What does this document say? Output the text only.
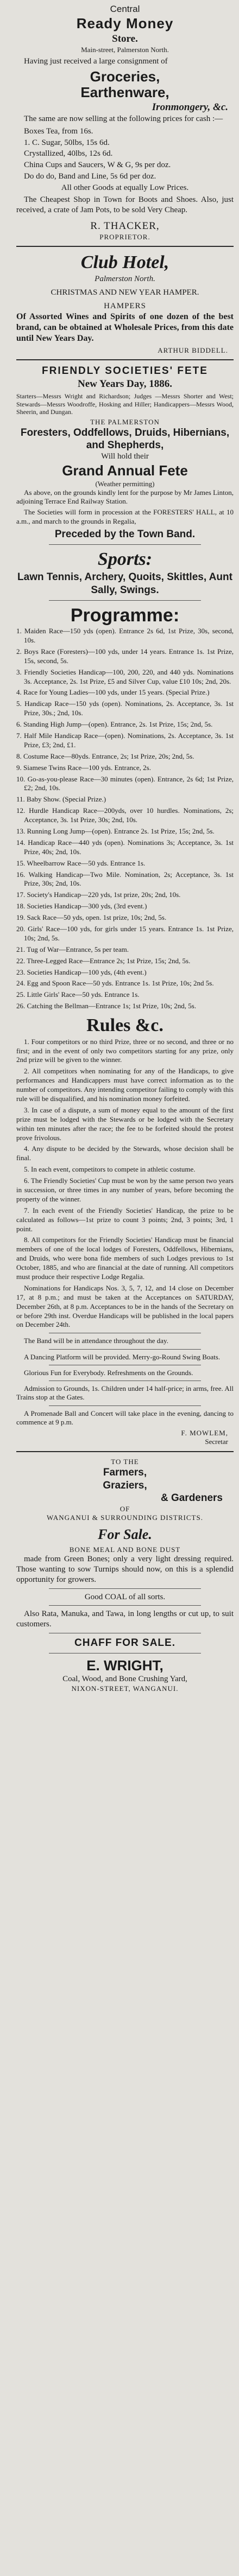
Central
Ready Money
Store.
Main-street, Palmerston North.

Having just received a large consignment of

Groceries,
Earthenware,
Ironmongery, &c.

The same are now selling at the following prices for cash :—

Boxes Tea, from 16s.

1. C. Sugar, 50lbs, 15s 6d.

Crystallized, 40lbs, 12s 6d.

China Cups and Saucers, W & G, 9s per doz.

Do do do, Band and Line, 5s 6d per doz.

All other Goods at equally Low Prices.

The Cheapest Shop in Town for Boots and Shoes. Also, just received, a crate of Jam Pots, to be sold Very Cheap.

R. THACKER,
PROPRIETOR.
Club Hotel,
Palmerston North.
CHRISTMAS AND NEW YEAR HAMPER.
HAMPERS

Of Assorted Wines and Spirits of one dozen of the best brand, can be obtained at Wholesale Prices, from this date until New Years Day.

ARTHUR BIDDELL.
FRIENDLY SOCIETIES' FETE
New Years Day, 1886.

Starters—Messrs Wright and Richardson; Judges —Messrs Shorter and West; Stewards—Messrs Woodroffe, Hosking and Hiller; Handicappers—Messrs Wood, Sheerin, and Dungan.

THE PALMERSTON
Foresters, Oddfellows, Druids, Hibernians, and Shepherds,
Will hold their
Grand Annual Fete
(Weather permitting)

As above, on the grounds kindly lent for the purpose by Mr James Linton, adjoining Terrace End Railway Station.

The Societies will form in procession at the FORESTERS' HALL, at 10 a.m., and march to the grounds in Regalia,

Preceded by the Town Band.
Sports:
Lawn Tennis, Archery, Quoits, Skittles, Aunt Sally, Swings.
Programme:

1. Maiden Race—150 yds (open). Entrance 2s 6d, 1st Prize, 30s, second, 10s.

2. Boys Race (Foresters)—100 yds, under 14 years. Entrance 1s. 1st Prize, 15s, second, 5s.

3. Friendly Societies Handicap—100, 200, 220, and 440 yds. Nominations 3s. Acceptance, 2s. 1st Prize, £5 and Silver Cup, value £10 10s; 2nd, 20s.

4. Race for Young Ladies—100 yds, under 15 years. (Special Prize.)

5. Handicap Race—150 yds (open). Nominations, 2s. Acceptance, 3s. 1st Prize, 30s.; 2nd, 10s.

6. Standing High Jump—(open). Entrance, 2s. 1st Prize, 15s; 2nd, 5s.

7. Half Mile Handicap Race—(open). Nominations, 2s. Acceptance, 3s. 1st Prize, £3; 2nd, £1.

8. Costume Race—80yds. Entrance, 2s; 1st Prize, 20s; 2nd, 5s.

9. Siamese Twins Race—100 yds. Entrance, 2s.

10. Go-as-you-please Race—30 minutes (open). Entrance, 2s 6d; 1st Prize, £2; 2nd, 10s.

11. Baby Show. (Special Prize.)

12. Hurdle Handicap Race—200yds, over 10 hurdles. Nominations, 2s; Acceptance, 3s. 1st Prize, 30s; 2nd, 10s.

13. Running Long Jump—(open). Entrance 2s. 1st Prize, 15s; 2nd, 5s.

14. Handicap Race—440 yds (open). Nominations 3s; Acceptance, 3s. 1st Prize, 40s; 2nd, 10s.

15. Wheelbarrow Race—50 yds. Entrance 1s.

16. Walking Handicap—Two Mile. Nomination, 2s; Acceptance, 3s. 1st Prize, 30s; 2nd, 10s.

17. Society's Handicap—220 yds, 1st prize, 20s; 2nd, 10s.

18. Societies Handicap—300 yds, (3rd event.)

19. Sack Race—50 yds, open. 1st prize, 10s; 2nd, 5s.

20. Girls' Race—100 yds, for girls under 15 years. Entrance 1s. 1st Prize, 10s; 2nd, 5s.

21. Tug of War—Entrance, 5s per team.

22. Three-Legged Race—Entrance 2s; 1st Prize, 15s; 2nd, 5s.

23. Societies Handicap—100 yds, (4th event.)

24. Egg and Spoon Race—50 yds. Entrance 1s. 1st Prize, 10s; 2nd 5s.

25. Little Girls' Race—50 yds. Entrance 1s.

26. Catching the Bellman—Entrance 1s; 1st Prize, 10s; 2nd, 5s.

Rules &c.

1. Four competitors or no third Prize, three or no second, and three or no first; and in the event of only two competitors starting for any prize, only 2nd prize will be given to the winner.

2. All competitors when nominating for any of the Handicaps, to give performances and Handicappers must have correct information as to the number of competitors. Any intending competitor failing to comply with this rule will be disqualified, and his nomination money forfeited.

3. In case of a dispute, a sum of money equal to the amount of the first prize must be lodged with the Stewards or be lodged with the Secretary within ten minutes after the race; the fee to be forfeited should the protest prove frivolous.

4. Any dispute to be decided by the Stewards, whose decision shall be final.

5. In each event, competitors to compete in athletic costume.

6. The Friendly Societies' Cup must be won by the same person two years in succession, or three times in any number of years, before becoming the property of the winner.

7. In each event of the Friendly Societies' Handicap, the prize to be calculated as follows—1st prize to count 3 points; 2nd, 3 points; 3rd, 1 point.

8. All competitors for the Friendly Societies' Handicap must be financial members of one of the local lodges of Foresters, Oddfellows, Hibernians, and Druids, who were bona fide members of such Lodges previous to 1st October, 1885, and who are financial at the date of running. All competitors must produce their respective Lodge Regalia.

Nominations for Handicaps Nos. 3, 5, 7, 12, and 14 close on December 17, at 8 p.m.; and must be taken at the Acceptances on SATURDAY, December 26th, at 8 p.m. Acceptances to be in the hands of the Secretary on or before 29th inst. Overdue Handicaps will be published in the local papers on December 24th.

The Band will be in attendance throughout the day.

A Dancing Platform will be provided. Merry-go-Round Swing Boats.

Glorious Fun for Everybody. Refreshments on the Grounds.

Admission to Grounds, 1s. Children under 14 half-price; in arms, free. All Trains stop at the Gates.

A Promenade Ball and Concert will take place in the evening, dancing to commence at 9 p.m.

F. MOWLEM,
Secretar
TO THE
Farmers,
Graziers,
& Gardeners
OF
WANGANUI & SURROUNDING DISTRICTS.
For Sale.
BONE MEAL AND BONE DUST

made from Green Bones; only a very light dressing required. Those wanting to sow Turnips should now, on this is a splendid opportunity for growers.

Good COAL of all sorts.

Also Rata, Manuka, and Tawa, in long lengths or cut up, to suit customers.

CHAFF FOR SALE.
E. WRIGHT,
Coal, Wood, and Bone Crushing Yard,
NIXON-STREET, WANGANUI.
